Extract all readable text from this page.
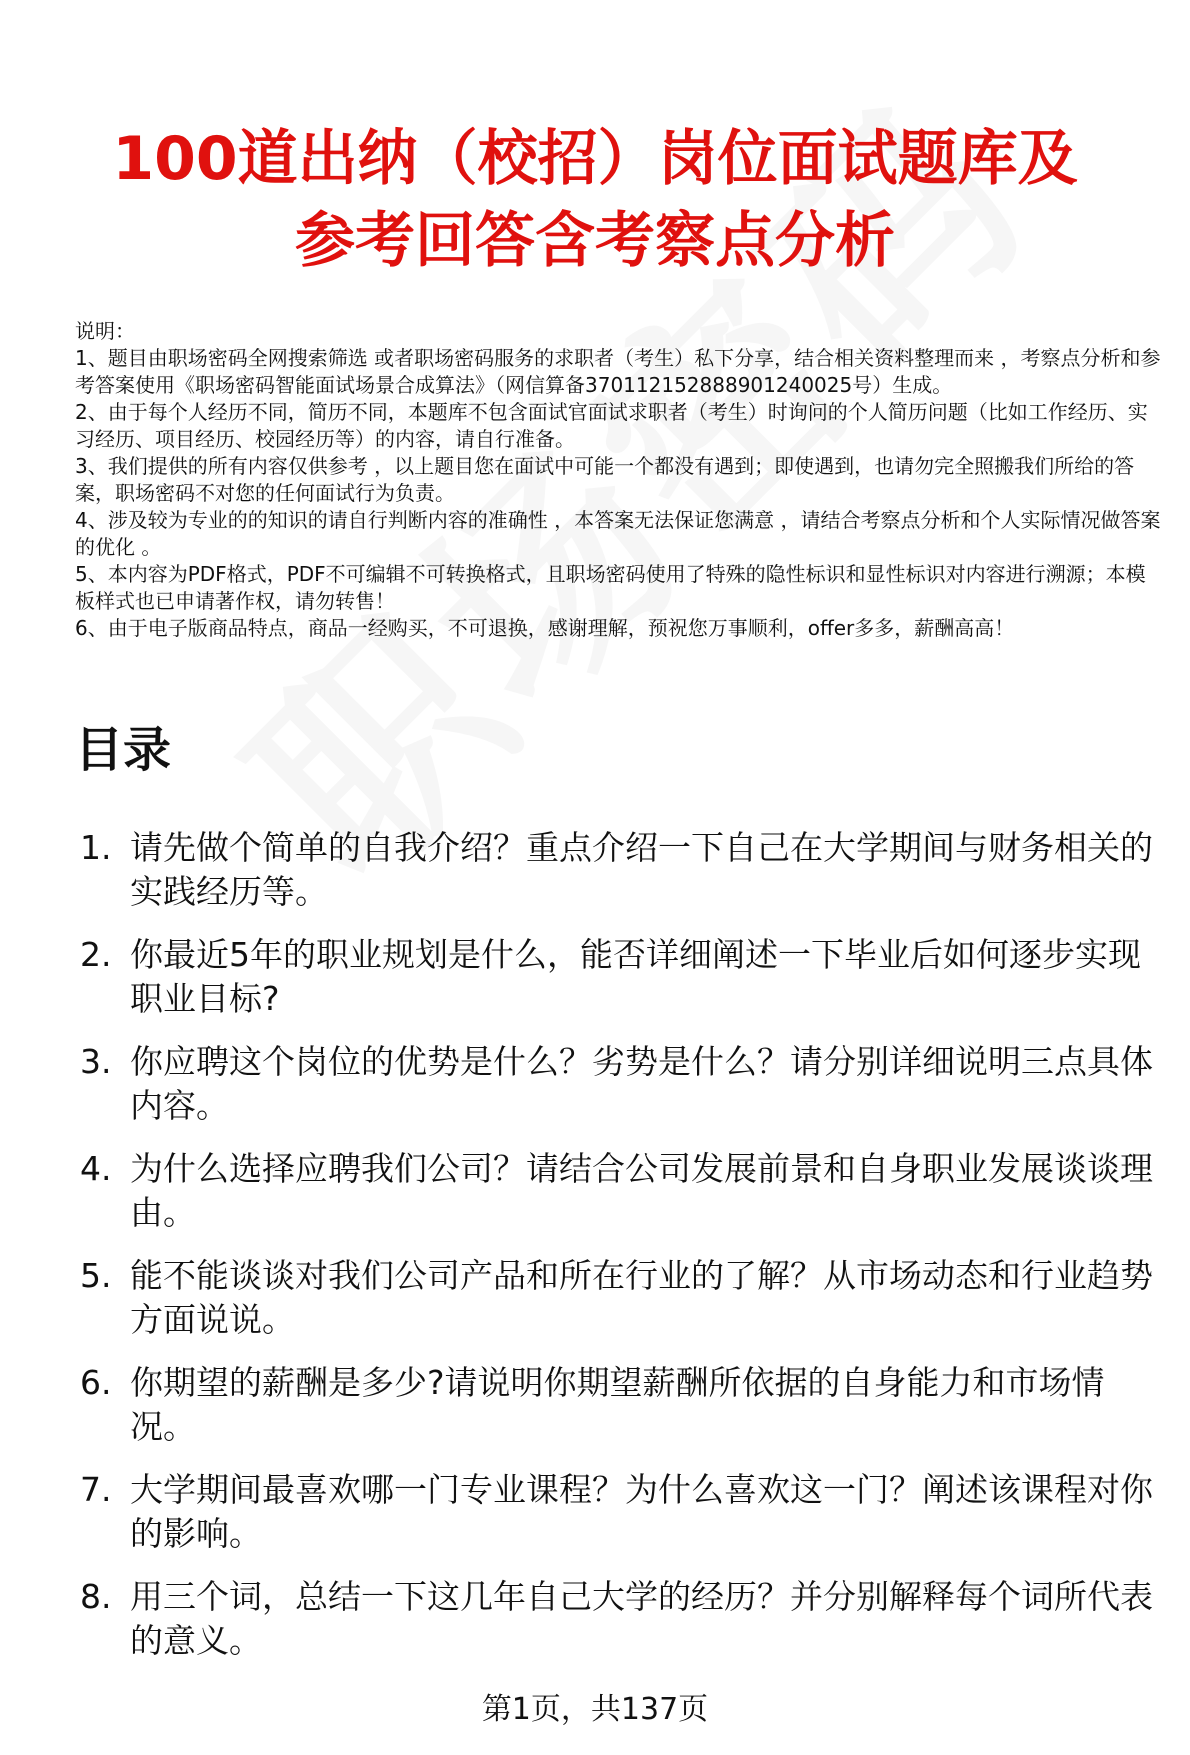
100道出纳（校招）岗位面试题库及
参考回答含考察点分析

说明：

1、题目由职场密码全网搜索筛选 或者职场密码服务的求职者（考生）私下分享，结合相关资料整理而来 ，考察点分析和参考答案使用《职场密码智能面试场景合成算法》（网信算备370112152888901240025号）生成。

2、由于每个人经历不同，简历不同，本题库不包含面试官面试求职者（考生）时询问的个人简历问题（比如工作经历、实习经历、项目经历、校园经历等）的内容，请自行准备。

3、我们提供的所有内容仅供参考 ，以上题目您在面试中可能一个都没有遇到；即使遇到，也请勿完全照搬我们所给的答案，职场密码不对您的任何面试行为负责。

4、涉及较为专业的的知识的请自行判断内容的准确性 ，本答案无法保证您满意 ，请结合考察点分析和个人实际情况做答案的优化 。

5、本内容为PDF格式，PDF不可编辑不可转换格式，且职场密码使用了特殊的隐性标识和显性标识对内容进行溯源；本模板样式也已申请著作权，请勿转售！

6、由于电子版商品特点，商品一经购买，不可退换，感谢理解，预祝您万事顺利，offer多多，薪酬高高！

目录
1. 请先做个简单的自我介绍？重点介绍一下自己在大学期间与财务相关的实践经历等。
2. 你最近5年的职业规划是什么，能否详细阐述一下毕业后如何逐步实现职业目标?
3. 你应聘这个岗位的优势是什么？劣势是什么？请分别详细说明三点具体内容。
4. 为什么选择应聘我们公司？请结合公司发展前景和自身职业发展谈谈理由。
5. 能不能谈谈对我们公司产品和所在行业的了解？从市场动态和行业趋势方面说说。
6. 你期望的薪酬是多少?请说明你期望薪酬所依据的自身能力和市场情况。
7. 大学期间最喜欢哪一门专业课程？为什么喜欢这一门？阐述该课程对你的影响。
8. 用三个词，总结一下这几年自己大学的经历？并分别解释每个词所代表的意义。
第1页，共137页
